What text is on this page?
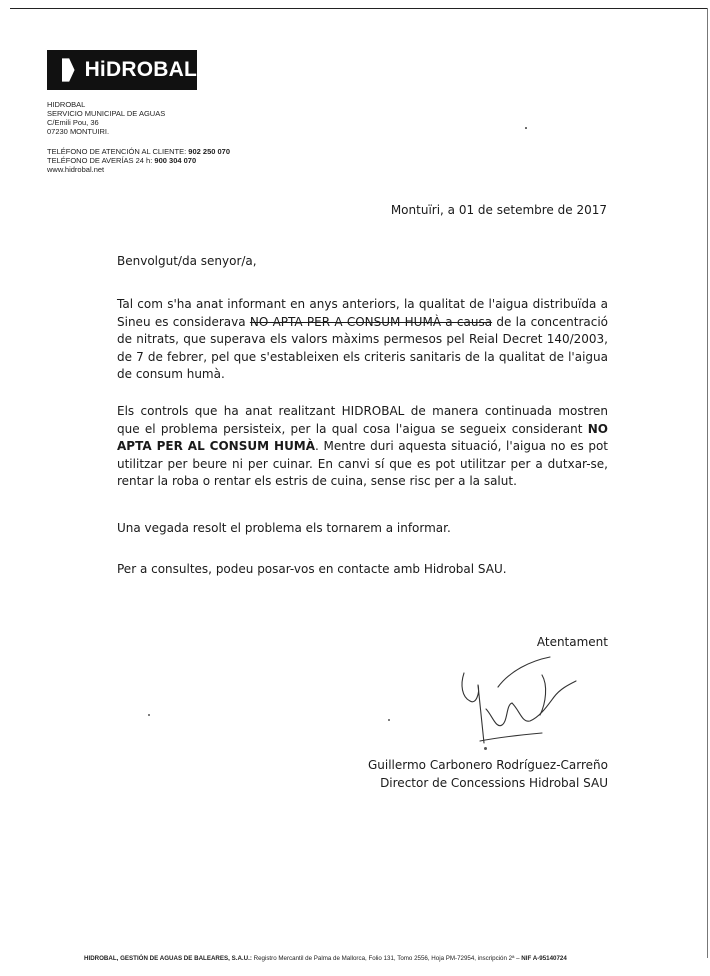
HiDROBAL
HIDROBAL
SERVICIO MUNICIPAL DE AGUAS
C/Emili Pou, 36
07230 MONTUIRI.
TELÉFONO DE ATENCIÓN AL CLIENTE: 902 250 070
TELÉFONO DE AVERÍAS 24 h: 900 304 070
www.hidrobal.net
Montuïri, a 01 de setembre de 2017
Benvolgut/da senyor/a,

Tal com s'ha anat informant en anys anteriors, la qualitat de l'aigua distribuïda a Sineu es considerava NO APTA PER A CONSUM HUMÀ a causa de la concentració de nitrats, que superava els valors màxims permesos pel Reial Decret 140/2003, de 7 de febrer, pel que s'estableixen els criteris sanitaris de la qualitat de l'aigua de consum humà.

Els controls que ha anat realitzant HIDROBAL de manera continuada mostren que el problema persisteix, per la qual cosa l'aigua se segueix considerant NO APTA PER AL CONSUM HUMÀ. Mentre duri aquesta situació, l'aigua no es pot utilitzar per beure ni per cuinar. En canvi sí que es pot utilitzar per a dutxar-se, rentar la roba o rentar els estris de cuina, sense risc per a la salut.

Una vegada resolt el problema els tornarem a informar.

Per a consultes, podeu posar-vos en contacte amb Hidrobal SAU.

Atentament
Guillermo Carbonero Rodríguez-Carreño
Director de Concessions Hidrobal SAU
HIDROBAL, GESTIÓN DE AGUAS DE BALEARES, S.A.U.: Registro Mercantil de Palma de Mallorca, Folio 131, Tomo 2556, Hoja PM-72954, inscripción 2ª – NIF A-95140724
